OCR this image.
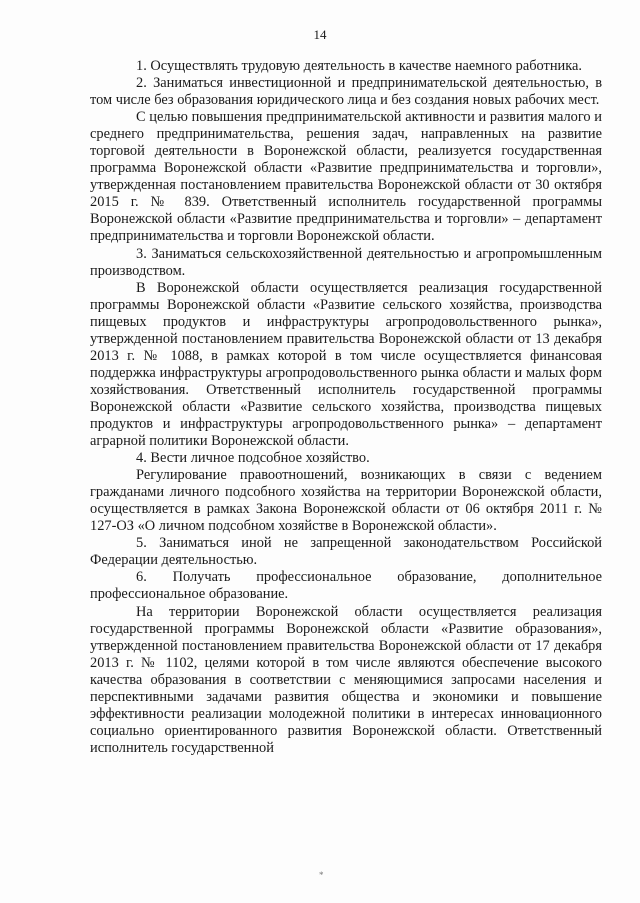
14

1. Осуществлять трудовую деятельность в качестве наемного работника.

2. Заниматься инвестиционной и предпринимательской деятельностью, в том числе без образования юридического лица и без создания новых рабочих мест.

С целью повышения предпринимательской активности и развития малого и среднего предпринимательства, решения задач, направленных на развитие торговой деятельности в Воронежской области, реализуется государственная программа Воронежской области «Развитие предпринимательства и торговли», утвержденная постановлением правительства Воронежской области от 30 октября 2015 г. № 839. Ответственный исполнитель государственной программы Воронежской области «Развитие предпринимательства и торговли» – департамент предпринимательства и торговли Воронежской области.

3. Заниматься сельскохозяйственной деятельностью и агропромышленным производством.

В Воронежской области осуществляется реализация государственной программы Воронежской области «Развитие сельского хозяйства, производства пищевых продуктов и инфраструктуры агропродовольственного рынка», утвержденной постановлением правительства Воронежской области от 13 декабря 2013 г. № 1088, в рамках которой в том числе осуществляется финансовая поддержка инфраструктуры агропродовольственного рынка области и малых форм хозяйствования. Ответственный исполнитель государственной программы Воронежской области «Развитие сельского хозяйства, производства пищевых продуктов и инфраструктуры агропродовольственного рынка» – департамент аграрной политики Воронежской области.

4. Вести личное подсобное хозяйство.

Регулирование правоотношений, возникающих в связи с ведением гражданами личного подсобного хозяйства на территории Воронежской области, осуществляется в рамках Закона Воронежской области от 06 октября 2011 г. № 127-ОЗ «О личном подсобном хозяйстве в Воронежской области».

5. Заниматься иной не запрещенной законодательством Российской Федерации деятельностью.

6. Получать профессиональное образование, дополнительное профессиональное образование.

На территории Воронежской области осуществляется реализация государственной программы Воронежской области «Развитие образования», утвержденной постановлением правительства Воронежской области от 17 декабря 2013 г. № 1102, целями которой в том числе являются обеспечение высокого качества образования в соответствии с меняющимися запросами населения и перспективными задачами развития общества и экономики и повышение эффективности реализации молодежной политики в интересах инновационного социально ориентированного развития Воронежской области. Ответственный исполнитель государственной

*
